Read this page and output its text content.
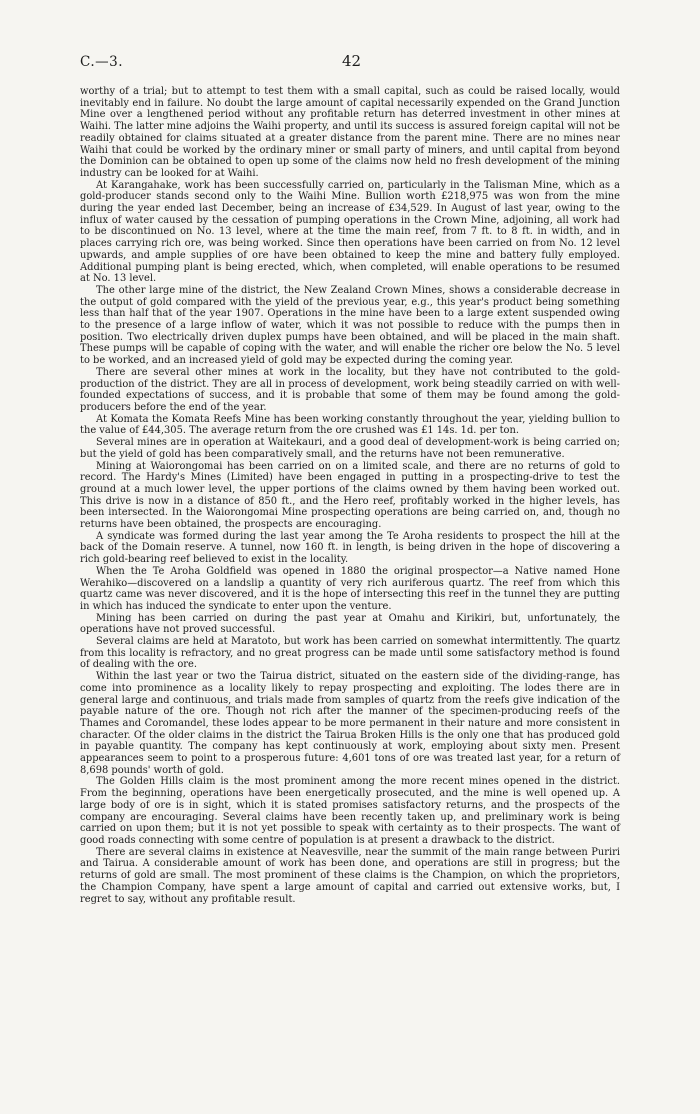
C.—3.	42

worthy of a trial; but to attempt to test them with a small capital, such as could be raised locally, would inevitably end in failure. No doubt the large amount of capital necessarily expended on the Grand Junction Mine over a lengthened period without any profitable return has deterred investment in other mines at Waihi. The latter mine adjoins the Waihi property, and until its success is assured foreign capital will not be readily obtained for claims situated at a greater distance from the parent mine. There are no mines near Waihi that could be worked by the ordinary miner or small party of miners, and until capital from beyond the Dominion can be obtained to open up some of the claims now held no fresh development of the mining industry can be looked for at Waihi.

At Karangahake, work has been successfully carried on, particularly in the Talisman Mine, which as a gold-producer stands second only to the Waihi Mine. Bullion worth £218,975 was won from the mine during the year ended last December, being an increase of £34,529. In August of last year, owing to the influx of water caused by the cessation of pumping operations in the Crown Mine, adjoining, all work had to be discontinued on No. 13 level, where at the time the main reef, from 7 ft. to 8 ft. in width, and in places carrying rich ore, was being worked. Since then operations have been carried on from No. 12 level upwards, and ample supplies of ore have been obtained to keep the mine and battery fully employed. Additional pumping plant is being erected, which, when completed, will enable operations to be resumed at No. 13 level.

The other large mine of the district, the New Zealand Crown Mines, shows a considerable decrease in the output of gold compared with the yield of the previous year, e.g., this year's product being something less than half that of the year 1907. Operations in the mine have been to a large extent suspended owing to the presence of a large inflow of water, which it was not possible to reduce with the pumps then in position. Two electrically driven duplex pumps have been obtained, and will be placed in the main shaft. These pumps will be capable of coping with the water, and will enable the richer ore below the No. 5 level to be worked, and an increased yield of gold may be expected during the coming year.

There are several other mines at work in the locality, but they have not contributed to the gold-production of the district. They are all in process of development, work being steadily carried on with well-founded expectations of success, and it is probable that some of them may be found among the gold-producers before the end of the year.

At Komata the Komata Reefs Mine has been working constantly throughout the year, yielding bullion to the value of £44,305. The average return from the ore crushed was £1 14s. 1d. per ton.

Several mines are in operation at Waitekauri, and a good deal of development-work is being carried on; but the yield of gold has been comparatively small, and the returns have not been remunerative.

Mining at Waiorongomai has been carried on on a limited scale, and there are no returns of gold to record. The Hardy's Mines (Limited) have been engaged in putting in a prospecting-drive to test the ground at a much lower level, the upper portions of the claims owned by them having been worked out. This drive is now in a distance of 850 ft., and the Hero reef, profitably worked in the higher levels, has been intersected. In the Waiorongomai Mine prospecting operations are being carried on, and, though no returns have been obtained, the prospects are encouraging.

A syndicate was formed during the last year among the Te Aroha residents to prospect the hill at the back of the Domain reserve. A tunnel, now 160 ft. in length, is being driven in the hope of discovering a rich gold-bearing reef believed to exist in the locality.

When the Te Aroha Goldfield was opened in 1880 the original prospector—a Native named Hone Werahiko—discovered on a landslip a quantity of very rich auriferous quartz. The reef from which this quartz came was never discovered, and it is the hope of intersecting this reef in the tunnel they are putting in which has induced the syndicate to enter upon the venture.

Mining has been carried on during the past year at Omahu and Kirikiri, but, unfortunately, the operations have not proved successful.

Several claims are held at Maratoto, but work has been carried on somewhat intermittently. The quartz from this locality is refractory, and no great progress can be made until some satisfactory method is found of dealing with the ore.

Within the last year or two the Tairua district, situated on the eastern side of the dividing-range, has come into prominence as a locality likely to repay prospecting and exploiting. The lodes there are in general large and continuous, and trials made from samples of quartz from the reefs give indication of the payable nature of the ore. Though not rich after the manner of the specimen-producing reefs of the Thames and Coromandel, these lodes appear to be more permanent in their nature and more consistent in character. Of the older claims in the district the Tairua Broken Hills is the only one that has produced gold in payable quantity. The company has kept continuously at work, employing about sixty men. Present appearances seem to point to a prosperous future: 4,601 tons of ore was treated last year, for a return of 8,698 pounds' worth of gold.

The Golden Hills claim is the most prominent among the more recent mines opened in the district. From the beginning, operations have been energetically prosecuted, and the mine is well opened up. A large body of ore is in sight, which it is stated promises satisfactory returns, and the prospects of the company are encouraging. Several claims have been recently taken up, and preliminary work is being carried on upon them; but it is not yet possible to speak with certainty as to their prospects. The want of good roads connecting with some centre of population is at present a drawback to the district.

There are several claims in existence at Neavesville, near the summit of the main range between Puriri and Tairua. A considerable amount of work has been done, and operations are still in progress; but the returns of gold are small. The most prominent of these claims is the Champion, on which the proprietors, the Champion Company, have spent a large amount of capital and carried out extensive works, but, I regret to say, without any profitable result.
